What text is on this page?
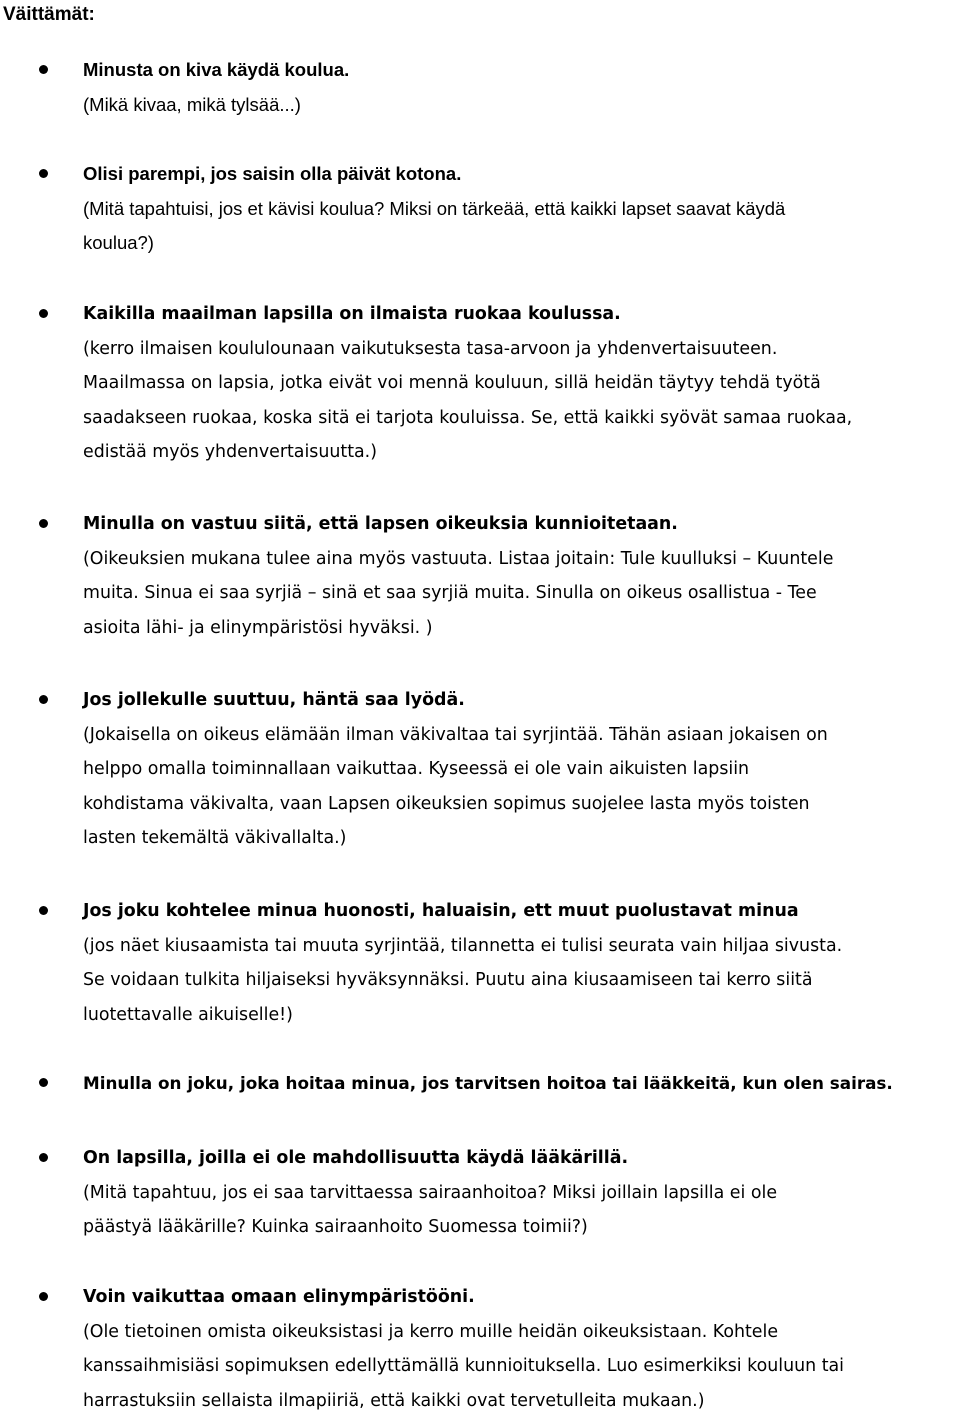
Väittämät:
Minusta on kiva käydä koulua.
(Mikä kivaa, mikä tylsää...)
Olisi parempi, jos saisin olla päivät kotona.
(Mitä tapahtuisi, jos et kävisi koulua? Miksi on tärkeää, että kaikki lapset saavat käydä
koulua?)
Kaikilla maailman lapsilla on ilmaista ruokaa koulussa.
(kerro ilmaisen koululounaan vaikutuksesta tasa-arvoon ja yhdenvertaisuuteen.
Maailmassa on lapsia, jotka eivät voi mennä kouluun, sillä heidän täytyy tehdä työtä
saadakseen ruokaa, koska sitä ei tarjota kouluissa. Se, että kaikki syövät samaa ruokaa,
edistää myös yhdenvertaisuutta.)
Minulla on vastuu siitä, että lapsen oikeuksia kunnioitetaan.
(Oikeuksien mukana tulee aina myös vastuuta. Listaa joitain: Tule kuulluksi – Kuuntele
muita. Sinua ei saa syrjiä – sinä et saa syrjiä muita. Sinulla on oikeus osallistua - Tee
asioita lähi- ja elinympäristösi hyväksi. )
Jos jollekulle suuttuu, häntä saa lyödä.
(Jokaisella on oikeus elämään ilman väkivaltaa tai syrjintää. Tähän asiaan jokaisen on
helppo omalla toiminnallaan vaikuttaa. Kyseessä ei ole vain aikuisten lapsiin
kohdistama väkivalta, vaan Lapsen oikeuksien sopimus suojelee lasta myös toisten
lasten tekemältä väkivallalta.)
Jos joku kohtelee minua huonosti, haluaisin, ett muut puolustavat minua
(jos näet kiusaamista tai muuta syrjintää, tilannetta ei tulisi seurata vain hiljaa sivusta.
Se voidaan tulkita hiljaiseksi hyväksynnäksi. Puutu aina kiusaamiseen tai kerro siitä
luotettavalle aikuiselle!)
Minulla on joku, joka hoitaa minua, jos tarvitsen hoitoa tai lääkkeitä, kun olen sairas.
On lapsilla, joilla ei ole mahdollisuutta käydä lääkärillä.
(Mitä tapahtuu, jos ei saa tarvittaessa sairaanhoitoa? Miksi joillain lapsilla ei ole
päästyä lääkärille? Kuinka sairaanhoito Suomessa toimii?)
Voin vaikuttaa omaan elinympäristööni.
(Ole tietoinen omista oikeuksistasi ja kerro muille heidän oikeuksistaan. Kohtele
kanssaihmisiäsi sopimuksen edellyttämällä kunnioituksella. Luo esimerkiksi kouluun tai
harrastuksiin sellaista ilmapiiriä, että kaikki ovat tervetulleita mukaan.)
